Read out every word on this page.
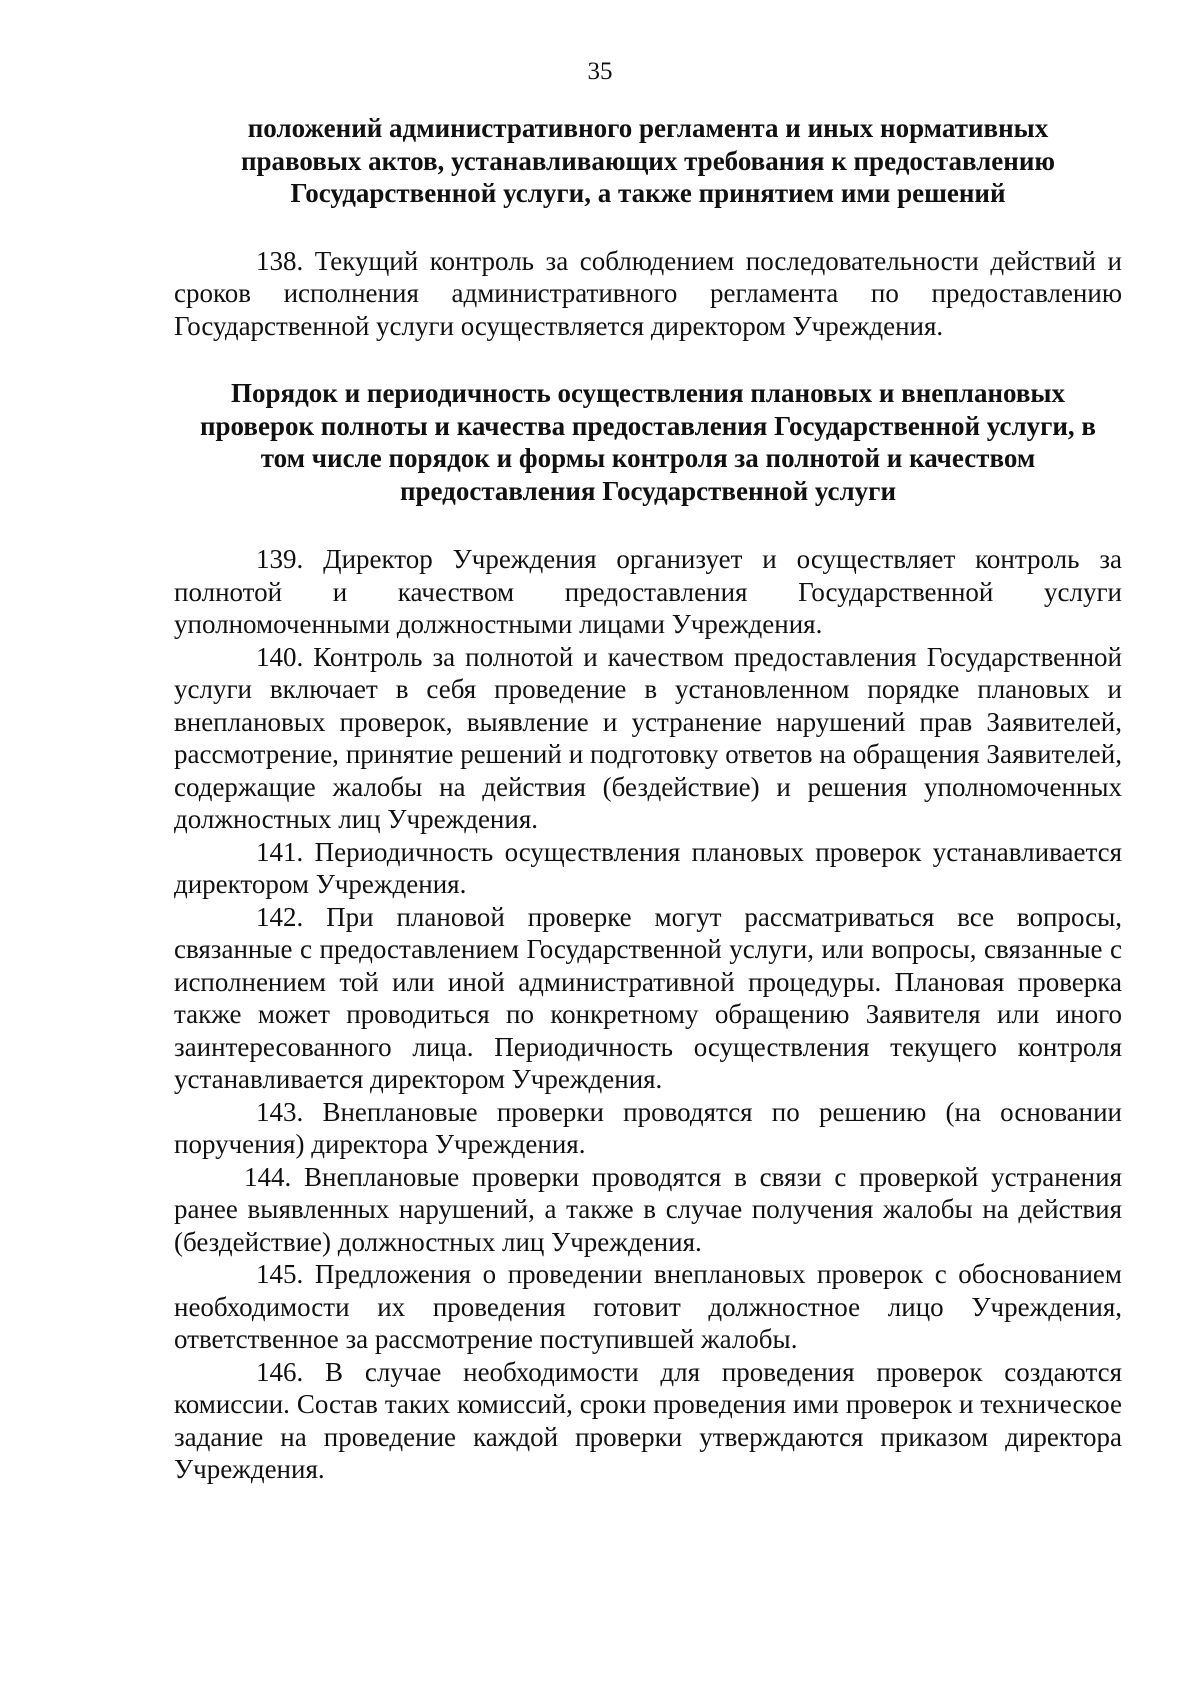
35

положений административного регламента и иных нормативных правовых актов, устанавливающих требования к предоставлению Государственной услуги, а также принятием ими решений

138. Текущий контроль за соблюдением последовательности действий и сроков исполнения административного регламента по предоставлению Государственной услуги осуществляется директором Учреждения.

Порядок и периодичность осуществления плановых и внеплановых проверок полноты и качества предоставления Государственной услуги, в том числе порядок и формы контроля за полнотой и качеством предоставления Государственной услуги

139. Директор Учреждения организует и осуществляет контроль за полнотой и качеством предоставления Государственной услуги уполномоченными должностными лицами Учреждения.

140. Контроль за полнотой и качеством предоставления Государственной услуги включает в себя проведение в установленном порядке плановых и внеплановых проверок, выявление и устранение нарушений прав Заявителей, рассмотрение, принятие решений и подготовку ответов на обращения Заявителей, содержащие жалобы на действия (бездействие) и решения уполномоченных должностных лиц Учреждения.

141. Периодичность осуществления плановых проверок устанавливается директором Учреждения.

142. При плановой проверке могут рассматриваться все вопросы, связанные с предоставлением Государственной услуги, или вопросы, связанные с исполнением той или иной административной процедуры. Плановая проверка также может проводиться по конкретному обращению Заявителя или иного заинтересованного лица. Периодичность осуществления текущего контроля устанавливается директором Учреждения.

143. Внеплановые проверки проводятся по решению (на основании поручения) директора Учреждения.

144. Внеплановые проверки проводятся в связи с проверкой устранения ранее выявленных нарушений, а также в случае получения жалобы на действия (бездействие) должностных лиц Учреждения.

145. Предложения о проведении внеплановых проверок с обоснованием необходимости их проведения готовит должностное лицо Учреждения, ответственное за рассмотрение поступившей жалобы.

146. В случае необходимости для проведения проверок создаются комиссии. Состав таких комиссий, сроки проведения ими проверок и техническое задание на проведение каждой проверки утверждаются приказом директора Учреждения.
